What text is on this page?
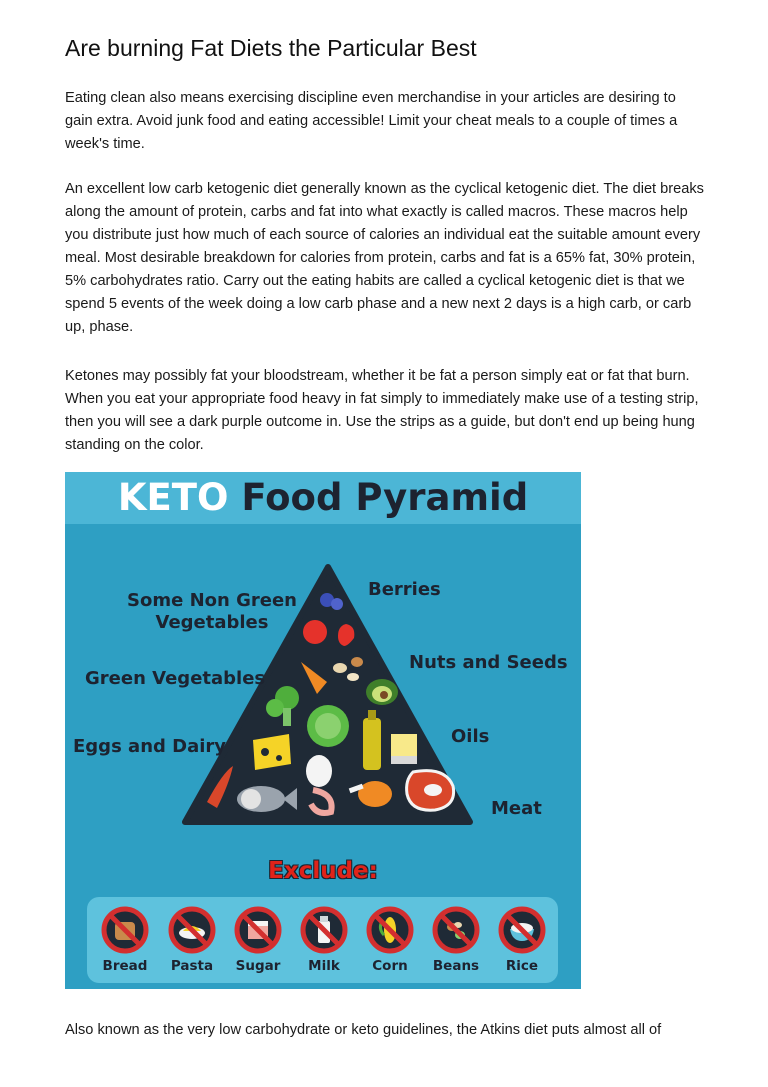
Are burning Fat Diets the Particular Best

Eating clean also means exercising discipline even merchandise in your articles are desiring to gain extra. Avoid junk food and eating accessible! Limit your cheat meals to a couple of times a week's time.

An excellent low carb ketogenic diet generally known as the cyclical ketogenic diet. The diet breaks along the amount of protein, carbs and fat into what exactly is called macros. These macros help you distribute just how much of each source of calories an individual eat the suitable amount every meal. Most desirable breakdown for calories from protein, carbs and fat is a 65% fat, 30% protein, 5% carbohydrates ratio. Carry out the eating habits are called a cyclical ketogenic diet is that we spend 5 events of the week doing a low carb phase and a new next 2 days is a high carb, or carb up, phase.

Ketones may possibly fat your bloodstream, whether it be fat a person simply eat or fat that burn. When you eat your appropriate food heavy in fat simply to immediately make use of a testing strip, then you will see a dark purple outcome in. Use the strips as a guide, but don't end up being hung standing on the color.

KETO Food Pyramid
Some Non Green
Vegetables
Green Vegetables
Eggs and Dairy
Berries
Nuts and Seeds
Oils
Meat
Exclude:
Bread	Pasta	Sugar	Milk	Corn	Beans	Rice

Also known as the very low carbohydrate or keto guidelines, the Atkins diet puts almost all of
